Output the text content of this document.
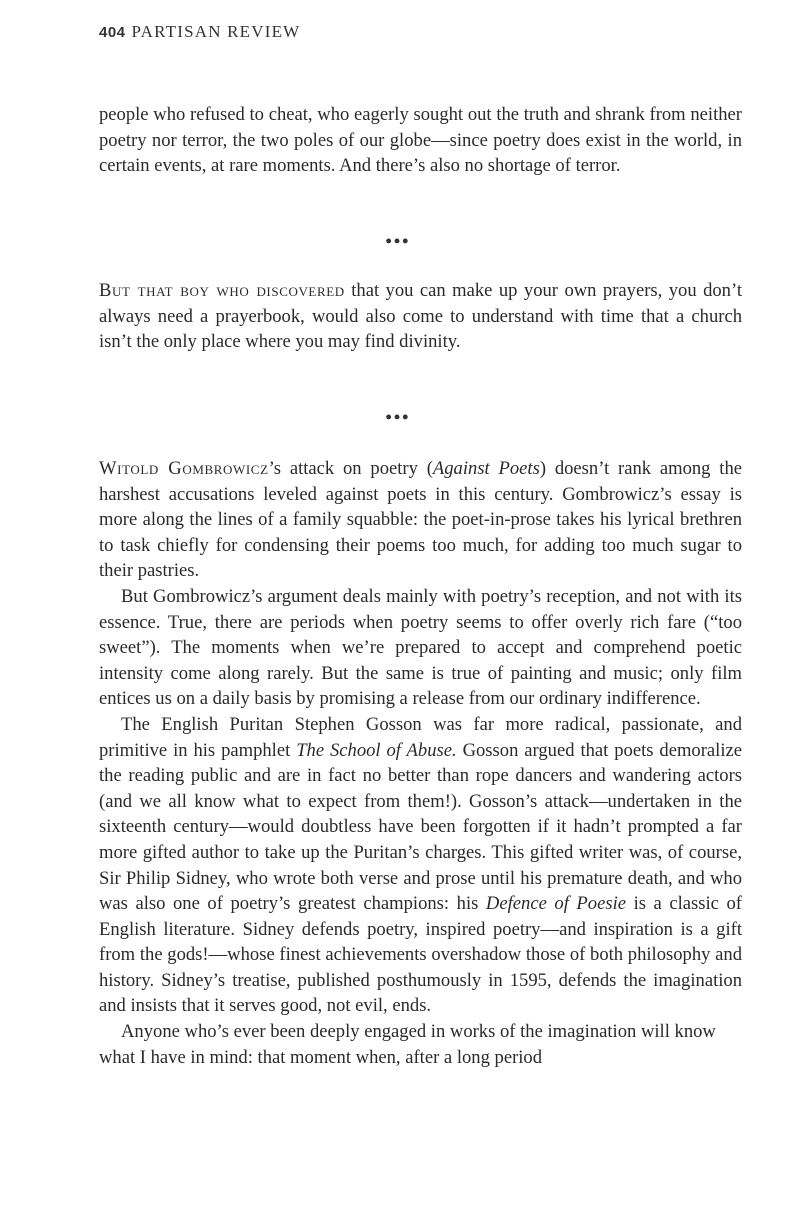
404 PARTISAN REVIEW

people who refused to cheat, who eagerly sought out the truth and shrank from neither poetry nor terror, the two poles of our globe—since poetry does exist in the world, in certain events, at rare moments. And there’s also no shortage of terror.

•••

But that boy who discovered that you can make up your own prayers, you don’t always need a prayerbook, would also come to understand with time that a church isn’t the only place where you may find divinity.

•••

Witold Gombrowicz’s attack on poetry (Against Poets) doesn’t rank among the harshest accusations leveled against poets in this century. Gombrowicz’s essay is more along the lines of a family squabble: the poet-in-prose takes his lyrical brethren to task chiefly for condensing their poems too much, for adding too much sugar to their pastries.

But Gombrowicz’s argument deals mainly with poetry’s reception, and not with its essence. True, there are periods when poetry seems to offer overly rich fare (“too sweet”). The moments when we’re prepared to accept and comprehend poetic intensity come along rarely. But the same is true of painting and music; only film entices us on a daily basis by promising a release from our ordinary indifference.

The English Puritan Stephen Gosson was far more radical, passionate, and primitive in his pamphlet The School of Abuse. Gosson argued that poets demoralize the reading public and are in fact no better than rope dancers and wandering actors (and we all know what to expect from them!). Gosson’s attack—undertaken in the sixteenth century—would doubtless have been forgotten if it hadn’t prompted a far more gifted author to take up the Puritan’s charges. This gifted writer was, of course, Sir Philip Sidney, who wrote both verse and prose until his premature death, and who was also one of poetry’s greatest champions: his Defence of Poesie is a classic of English literature. Sidney defends poetry, inspired poetry—and inspiration is a gift from the gods!—whose finest achievements overshadow those of both philosophy and history. Sidney’s treatise, published posthumously in 1595, defends the imagination and insists that it serves good, not evil, ends.

Anyone who’s ever been deeply engaged in works of the imagination will know what I have in mind: that moment when, after a long period
